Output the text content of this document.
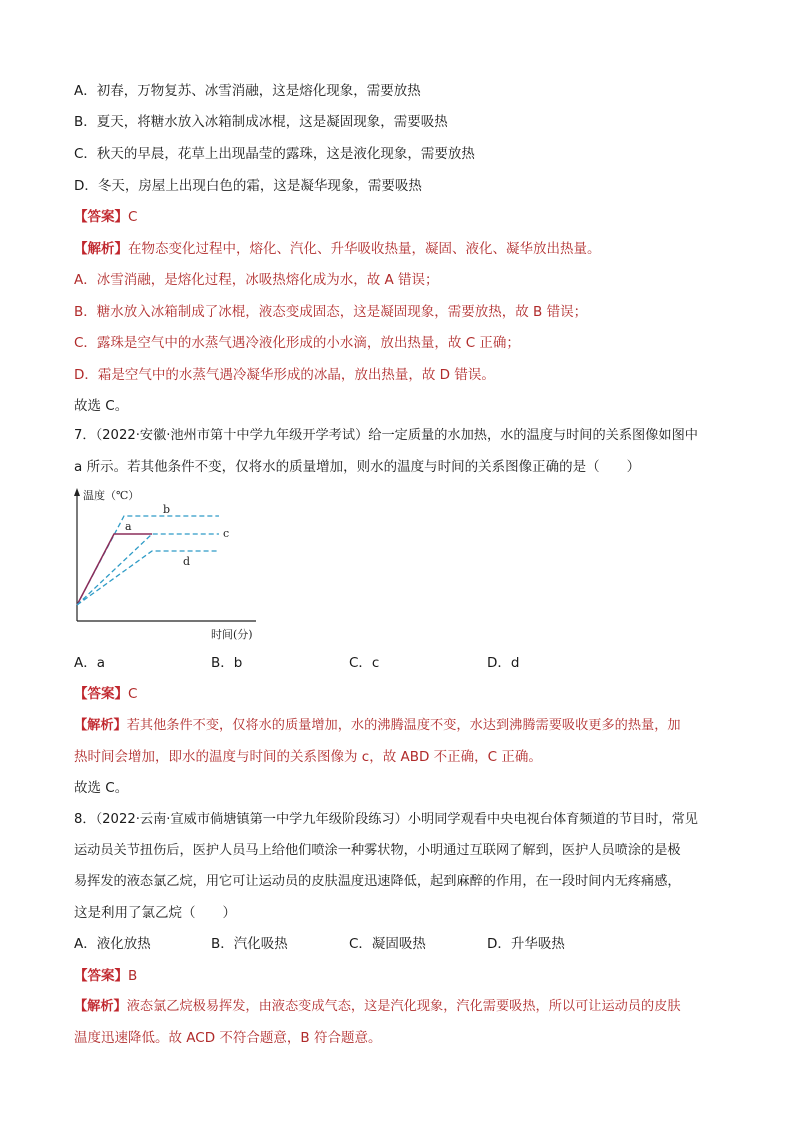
A．初春，万物复苏、冰雪消融，这是熔化现象，需要放热
B．夏天，将糖水放入冰箱制成冰棍，这是凝固现象，需要吸热
C．秋天的早晨，花草上出现晶莹的露珠，这是液化现象，需要放热
D．冬天，房屋上出现白色的霜，这是凝华现象，需要吸热
【答案】C
【解析】在物态变化过程中，熔化、汽化、升华吸收热量，凝固、液化、凝华放出热量。
A．冰雪消融，是熔化过程，冰吸热熔化成为水，故 A 错误；
B．糖水放入冰箱制成了冰棍，液态变成固态，这是凝固现象，需要放热，故 B 错误；
C．露珠是空气中的水蒸气遇冷液化形成的小水滴，放出热量，故 C 正确；
D．霜是空气中的水蒸气遇冷凝华形成的冰晶，放出热量，故 D 错误。
故选 C。
7．（2022·安徽·池州市第十中学九年级开学考试）给一定质量的水加热，水的温度与时间的关系图像如图中
a 所示。若其他条件不变，仅将水的质量增加，则水的温度与时间的关系图像正确的是（　　）
温度（℃）
时间(分)
a
b
c
d
A．a	B．b	C．c	D．d
【答案】C
【解析】若其他条件不变，仅将水的质量增加，水的沸腾温度不变，水达到沸腾需要吸收更多的热量，加
热时间会增加，即水的温度与时间的关系图像为 c，故 ABD 不正确，C 正确。
故选 C。
8．（2022·云南·宣威市倘塘镇第一中学九年级阶段练习）小明同学观看中央电视台体育频道的节目时，常见
运动员关节扭伤后，医护人员马上给他们喷涂一种雾状物，小明通过互联网了解到，医护人员喷涂的是极
易挥发的液态氯乙烷，用它可让运动员的皮肤温度迅速降低，起到麻醉的作用，在一段时间内无疼痛感，
这是利用了氯乙烷（　　）
A．液化放热	B．汽化吸热	C．凝固吸热	D．升华吸热
【答案】B
【解析】液态氯乙烷极易挥发，由液态变成气态，这是汽化现象，汽化需要吸热，所以可让运动员的皮肤
温度迅速降低。故 ACD 不符合题意，B 符合题意。
